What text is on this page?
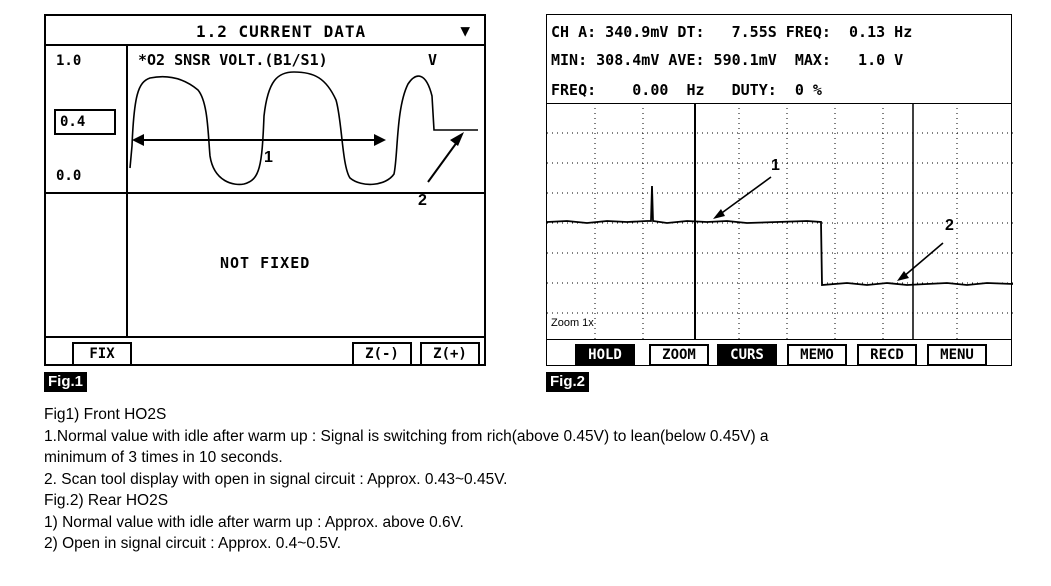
1.2 CURRENT DATA	▼
1.0
0.4
0.0
*O2 SNSR VOLT.(B1/S1)	V
1
2
NOT FIXED
FIX	Z(-)	Z(+)
Fig.1
CH A: 340.9mV DT:   7.55S FREQ:  0.13 Hz
MIN: 308.4mV AVE: 590.1mV  MAX:   1.0 V
FREQ:    0.00  Hz   DUTY:  0 %
1
2
Zoom 1x
HOLD	ZOOM	CURS	MEMO	RECD	MENU
Fig.2
Fig1) Front HO2S
1.Normal value with idle after warm up : Signal is switching from rich(above 0.45V) to lean(below 0.45V) a
minimum of 3 times in 10 seconds.
2. Scan tool display with open in signal circuit : Approx. 0.43~0.45V.
Fig.2) Rear HO2S
1) Normal value with idle after warm up : Approx. above 0.6V.
2) Open in signal circuit : Approx. 0.4~0.5V.
